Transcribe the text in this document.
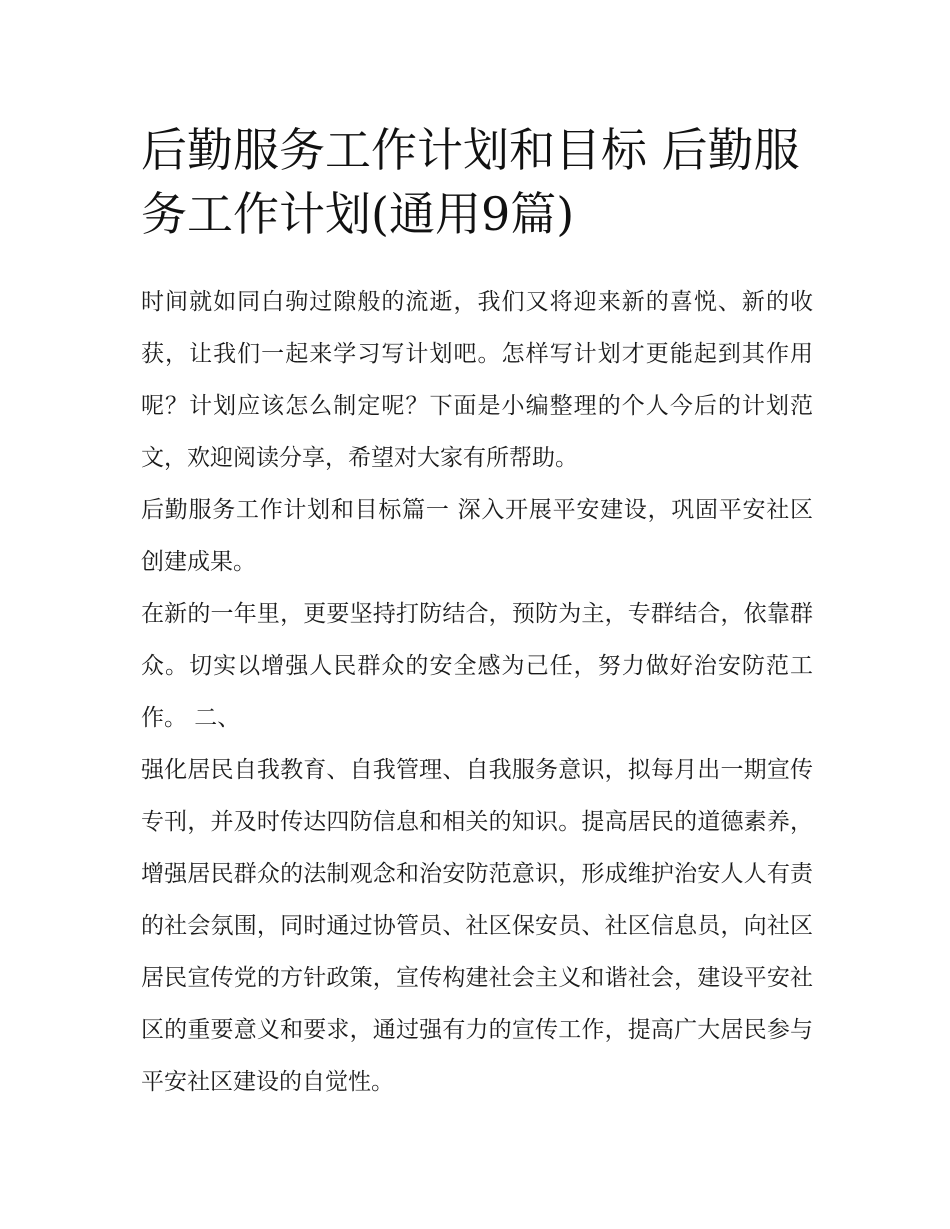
后勤服务工作计划和目标 后勤服务工作计划(通用9篇)

时间就如同白驹过隙般的流逝，我们又将迎来新的喜悦、新的收获，让我们一起来学习写计划吧。怎样写计划才更能起到其作用呢？计划应该怎么制定呢？下面是小编整理的个人今后的计划范文，欢迎阅读分享，希望对大家有所帮助。

后勤服务工作计划和目标篇一 深入开展平安建设，巩固平安社区创建成果。

在新的一年里，更要坚持打防结合，预防为主，专群结合，依靠群众。切实以增强人民群众的安全感为己任，努力做好治安防范工作。 二、

强化居民自我教育、自我管理、自我服务意识，拟每月出一期宣传专刊，并及时传达四防信息和相关的知识。提高居民的道德素养，增强居民群众的法制观念和治安防范意识，形成维护治安人人有责的社会氛围，同时通过协管员、社区保安员、社区信息员，向社区居民宣传党的方针政策，宣传构建社会主义和谐社会，建设平安社区的重要意义和要求，通过强有力的宣传工作，提高广大居民参与平安社区建设的自觉性。
